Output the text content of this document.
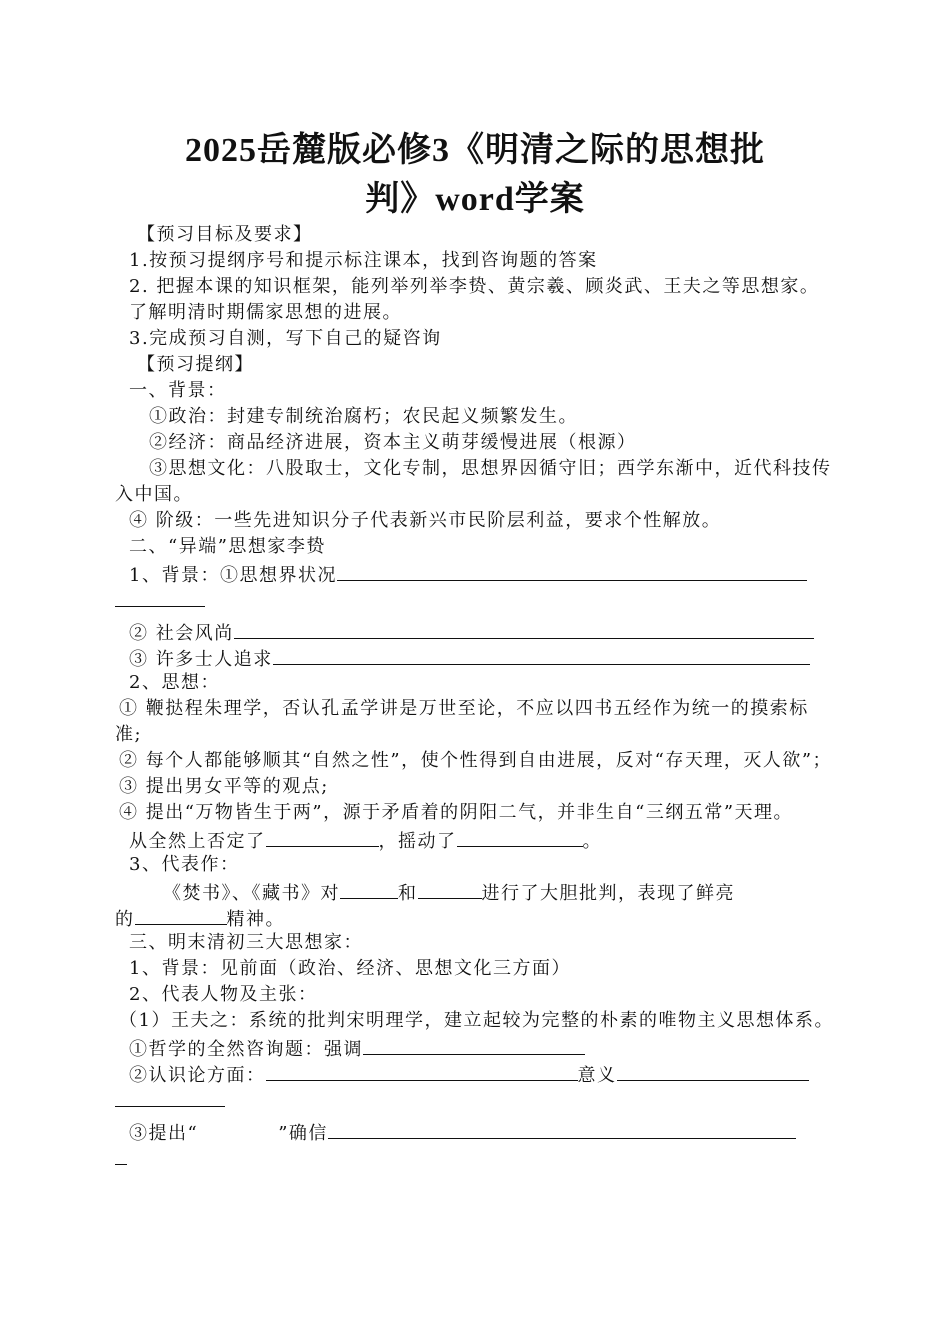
2025岳麓版必修3《明清之际的思想批
判》word学案
【预习目标及要求】
1.按预习提纲序号和提示标注课本，找到咨询题的答案
2. 把握本课的知识框架，能列举列举李贽、黄宗羲、顾炎武、王夫之等思想家。
了解明清时期儒家思想的进展。
3.完成预习自测，写下自己的疑咨询
【预习提纲】
一、背景：
①政治：封建专制统治腐朽；农民起义频繁发生。
②经济：商品经济进展，资本主义萌芽缓慢进展（根源）
③思想文化：八股取士，文化专制，思想界因循守旧；西学东渐中，近代科技传入中国。
④ 阶级：一些先进知识分子代表新兴市民阶层利益，要求个性解放。
二、“异端”思想家李贽
1、背景：①思想界状况
② 社会风尚
③ 许多士人追求
2、思想：
① 鞭挞程朱理学，否认孔孟学讲是万世至论，不应以四书五经作为统一的摸索标准;
② 每个人都能够顺其“自然之性”，使个性得到自由进展，反对“存天理，灭人欲”；
③ 提出男女平等的观点;
④ 提出“万物皆生于两”，源于矛盾着的阴阳二气，并非生自“三纲五常”天理。
从全然上否定了	，摇动了	。
3、代表作：
《焚书》、《藏书》对	和	进行了大胆批判，表现了鲜亮
的	精神。
三、明末清初三大思想家：
1、背景：见前面（政治、经济、思想文化三方面）
2、代表人物及主张：
（1）王夫之：系统的批判宋明理学，建立起较为完整的朴素的唯物主义思想体系。
①哲学的全然咨询题：强调
②认识论方面：	意义
③提出“	”确信
